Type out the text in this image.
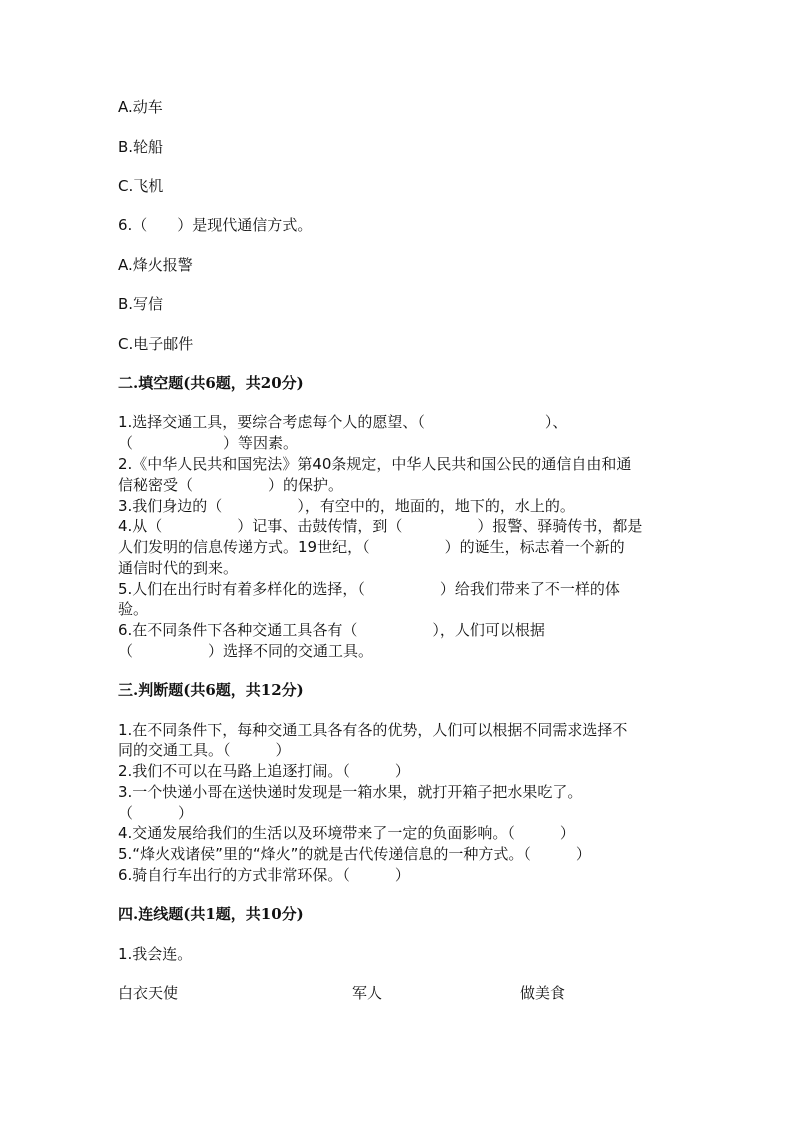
A.动车

B.轮船

C.飞机

6.（　　）是现代通信方式。

A.烽火报警

B.写信

C.电子邮件

二.填空题(共6题，共20分)

1.选择交通工具，要综合考虑每个人的愿望、（　　　　　　　　）、

（　　　　　　）等因素。

2.《中华人民共和国宪法》第40条规定，中华人民共和国公民的通信自由和通

信秘密受（　　　　　）的保护。

3.我们身边的（　　　　　），有空中的，地面的，地下的，水上的。

4.从（　　　　　）记事、击鼓传情，到（　　　　　）报警、驿骑传书，都是

人们发明的信息传递方式。19世纪，（　　　　　）的诞生，标志着一个新的

通信时代的到来。

5.人们在出行时有着多样化的选择，（　　　　　）给我们带来了不一样的体

验。

6.在不同条件下各种交通工具各有（　　　　　），人们可以根据

（　　　　　）选择不同的交通工具。

三.判断题(共6题，共12分)

1.在不同条件下，每种交通工具各有各的优势，人们可以根据不同需求选择不

同的交通工具。（　　　）

2.我们不可以在马路上追逐打闹。（　　　）

3.一个快递小哥在送快递时发现是一箱水果，就打开箱子把水果吃了。

（　　　）

4.交通发展给我们的生活以及环境带来了一定的负面影响。（　　　）

5.“烽火戏诸侯”里的“烽火”的就是古代传递信息的一种方式。（　　　）

6.骑自行车出行的方式非常环保。（　　　）

四.连线题(共1题，共10分)

1.我会连。

白衣天使	军人	做美食
